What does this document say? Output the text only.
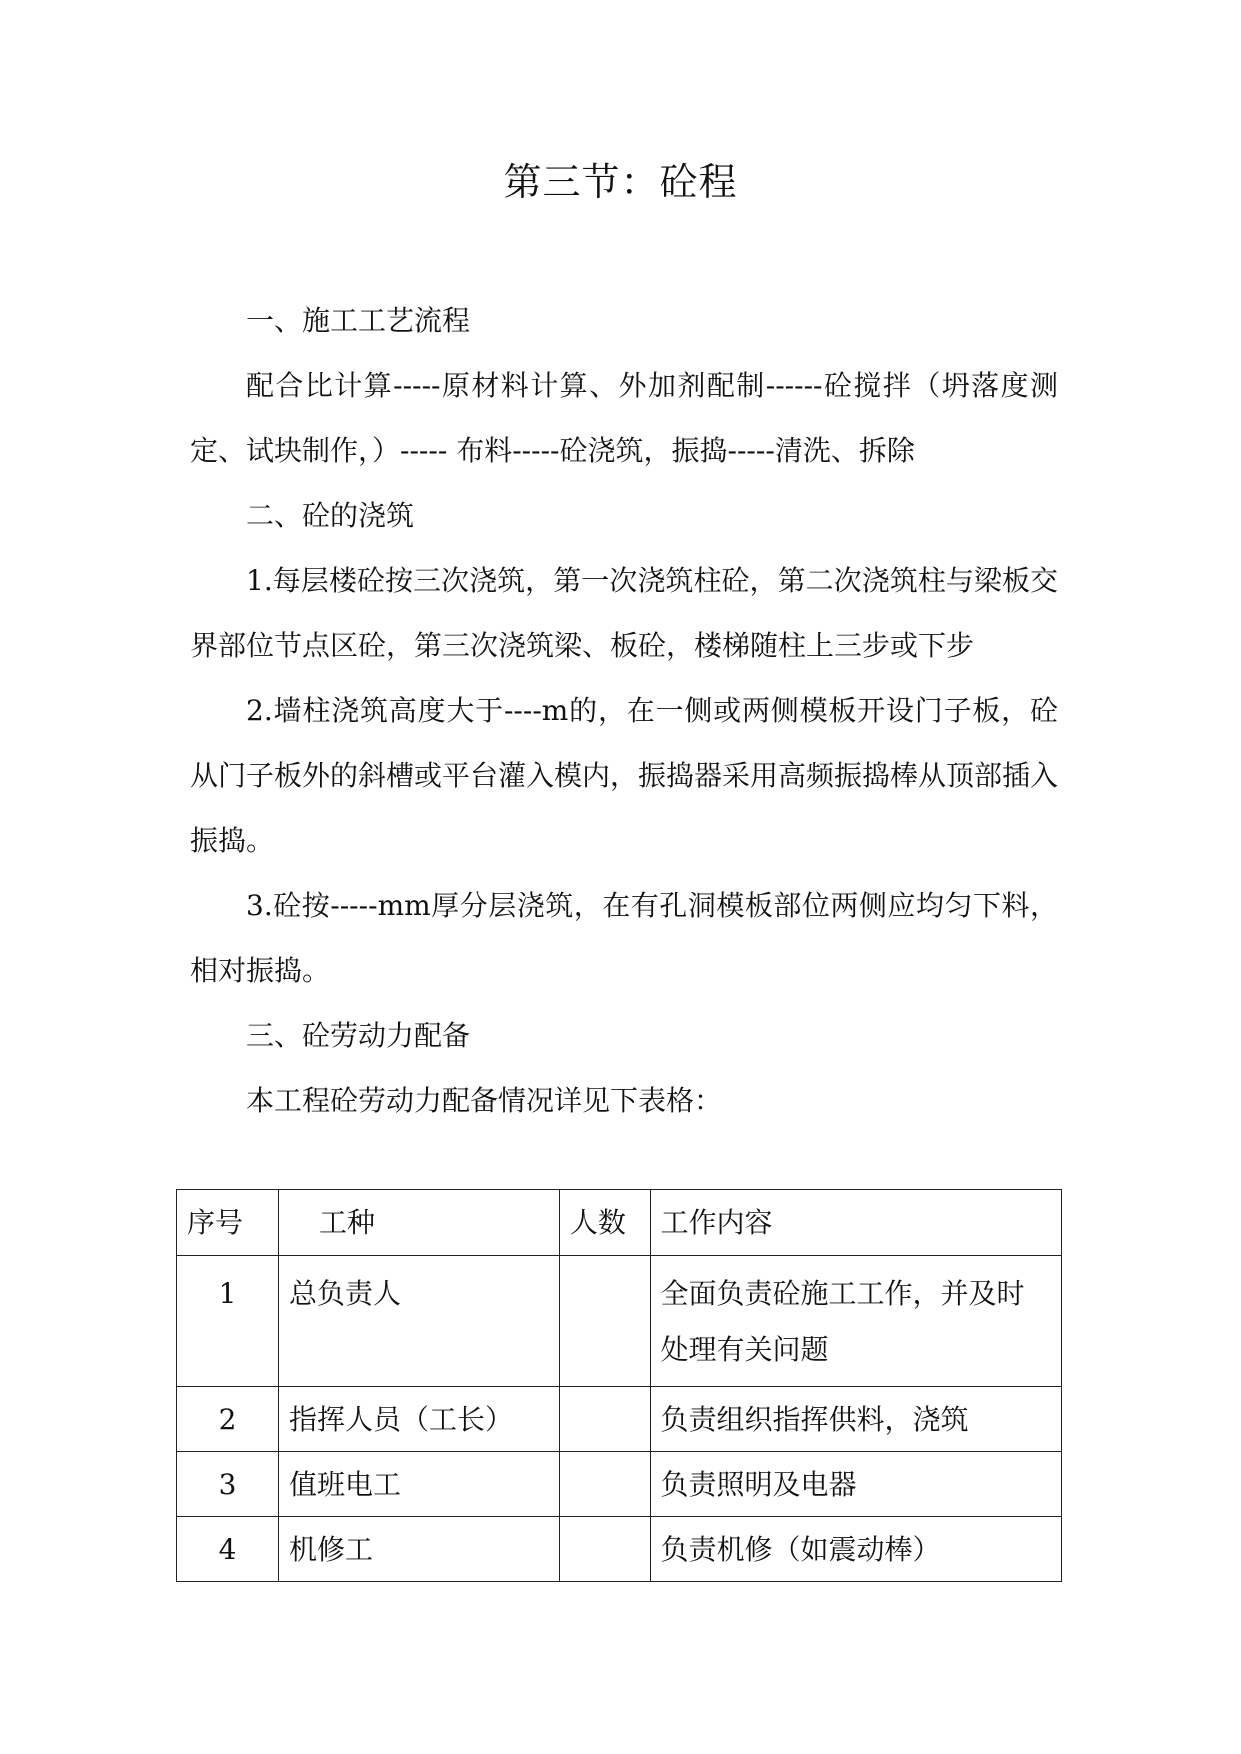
第三节：砼程

一、施工工艺流程

配合比计算-----原材料计算、外加剂配制------砼搅拌（坍落度测定、试块制作，）----- 布料-----砼浇筑，振捣-----清洗、拆除

二、砼的浇筑

1.每层楼砼按三次浇筑，第一次浇筑柱砼，第二次浇筑柱与梁板交界部位节点区砼，第三次浇筑梁、板砼，楼梯随柱上三步或下步

2.墙柱浇筑高度大于----m的，在一侧或两侧模板开设门子板，砼从门子板外的斜槽或平台灌入模内，振捣器采用高频振捣棒从顶部插入振捣。

3.砼按-----mm厚分层浇筑，在有孔洞模板部位两侧应均匀下料，相对振捣。

三、砼劳动力配备

本工程砼劳动力配备情况详见下表格：

序号	工种	人数	工作内容
1	总负责人		全面负责砼施工工作，并及时处理有关问题
2	指挥人员（工长）		负责组织指挥供料，浇筑
3	值班电工		负责照明及电器
4	机修工		负责机修（如震动棒）
